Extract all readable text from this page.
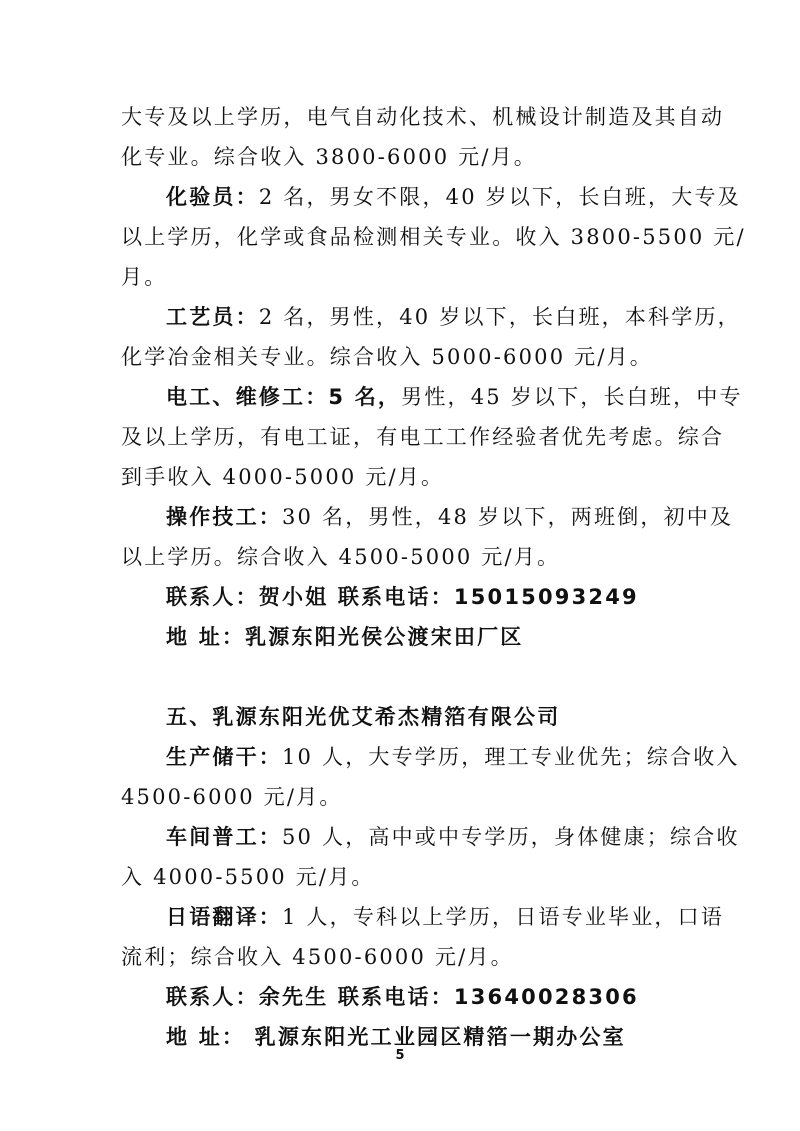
大专及以上学历，电气自动化技术、机械设计制造及其自动
化专业。综合收入 3800-6000 元/月。
化验员：2 名，男女不限，40 岁以下，长白班，大专及
以上学历，化学或食品检测相关专业。收入 3800-5500 元/
月。
工艺员：2 名，男性，40 岁以下，长白班，本科学历，
化学冶金相关专业。综合收入 5000-6000 元/月。
电工、维修工：5 名，男性，45 岁以下，长白班，中专
及以上学历，有电工证，有电工工作经验者优先考虑。综合
到手收入 4000-5000 元/月。
操作技工：30 名，男性，48 岁以下，两班倒，初中及
以上学历。综合收入 4500-5000 元/月。
联系人：贺小姐 联系电话：15015093249
地 址：乳源东阳光侯公渡宋田厂区
五、乳源东阳光优艾希杰精箔有限公司
生产储干：10 人，大专学历，理工专业优先；综合收入
4500-6000 元/月。
车间普工：50 人，高中或中专学历，身体健康；综合收
入 4000-5500 元/月。
日语翻译：1 人，专科以上学历，日语专业毕业，口语
流利；综合收入 4500-6000 元/月。
联系人：余先生 联系电话：13640028306
地 址： 乳源东阳光工业园区精箔一期办公室
5
